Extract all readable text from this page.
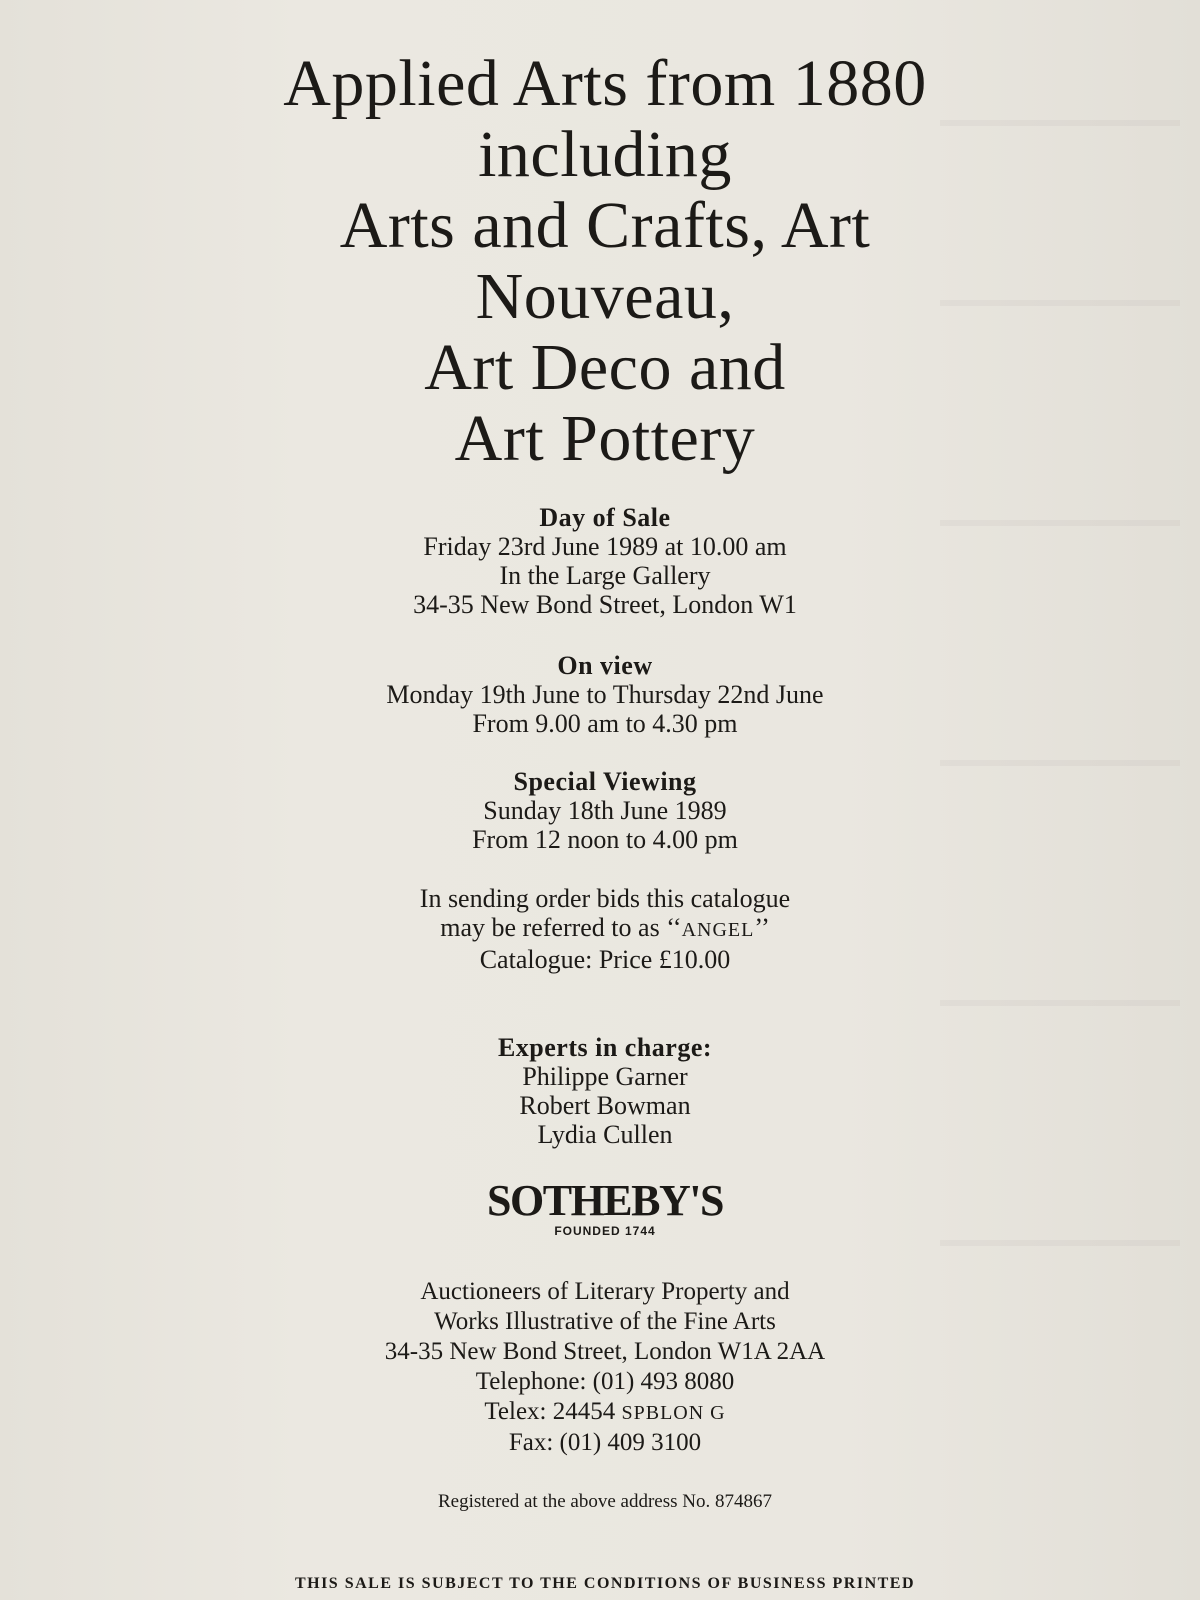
Applied Arts from 1880
including
Arts and Crafts, Art
Nouveau,
Art Deco and
Art Pottery
Day of Sale
Friday 23rd June 1989 at 10.00 am
In the Large Gallery
34-35 New Bond Street, London W1
On view
Monday 19th June to Thursday 22nd June
From 9.00 am to 4.30 pm
Special Viewing
Sunday 18th June 1989
From 12 noon to 4.00 pm
In sending order bids this catalogue
may be referred to as ‘‘ANGEL’’
Catalogue: Price £10.00
Experts in charge:
Philippe Garner
Robert Bowman
Lydia Cullen
SOTHEBY'S
FOUNDED 1744
Auctioneers of Literary Property and
Works Illustrative of the Fine Arts
34-35 New Bond Street, London W1A 2AA
Telephone: (01) 493 8080
Telex: 24454 SPBLON G
Fax: (01) 409 3100
Registered at the above address No. 874867
THIS SALE IS SUBJECT TO THE CONDITIONS OF BUSINESS PRINTED
